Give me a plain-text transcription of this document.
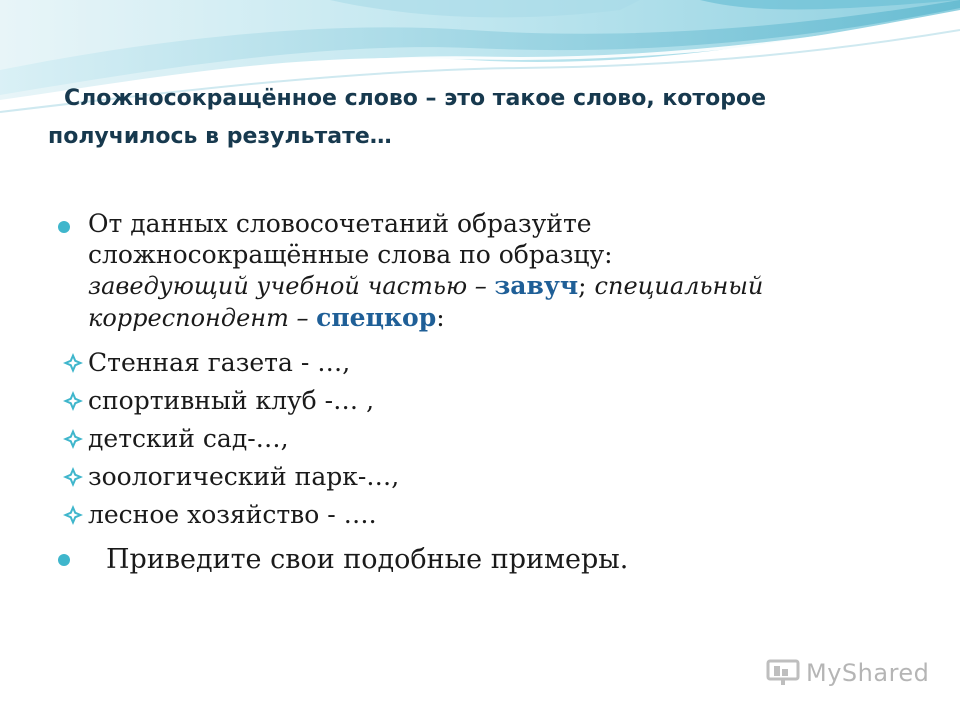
Сложносокращённое слово – это такое слово, которое
получилось в результате…
От данных словосочетаний образуйте
сложносокращённые слова по образцу:
заведующий учебной частью – завуч; специальный
корреспондент – спецкор:
Стенная газета - …,
спортивный клуб -… ,
детский сад-…,
зоологический парк-…,
лесное хозяйство - ….
Приведите свои подобные примеры.
MyShared
